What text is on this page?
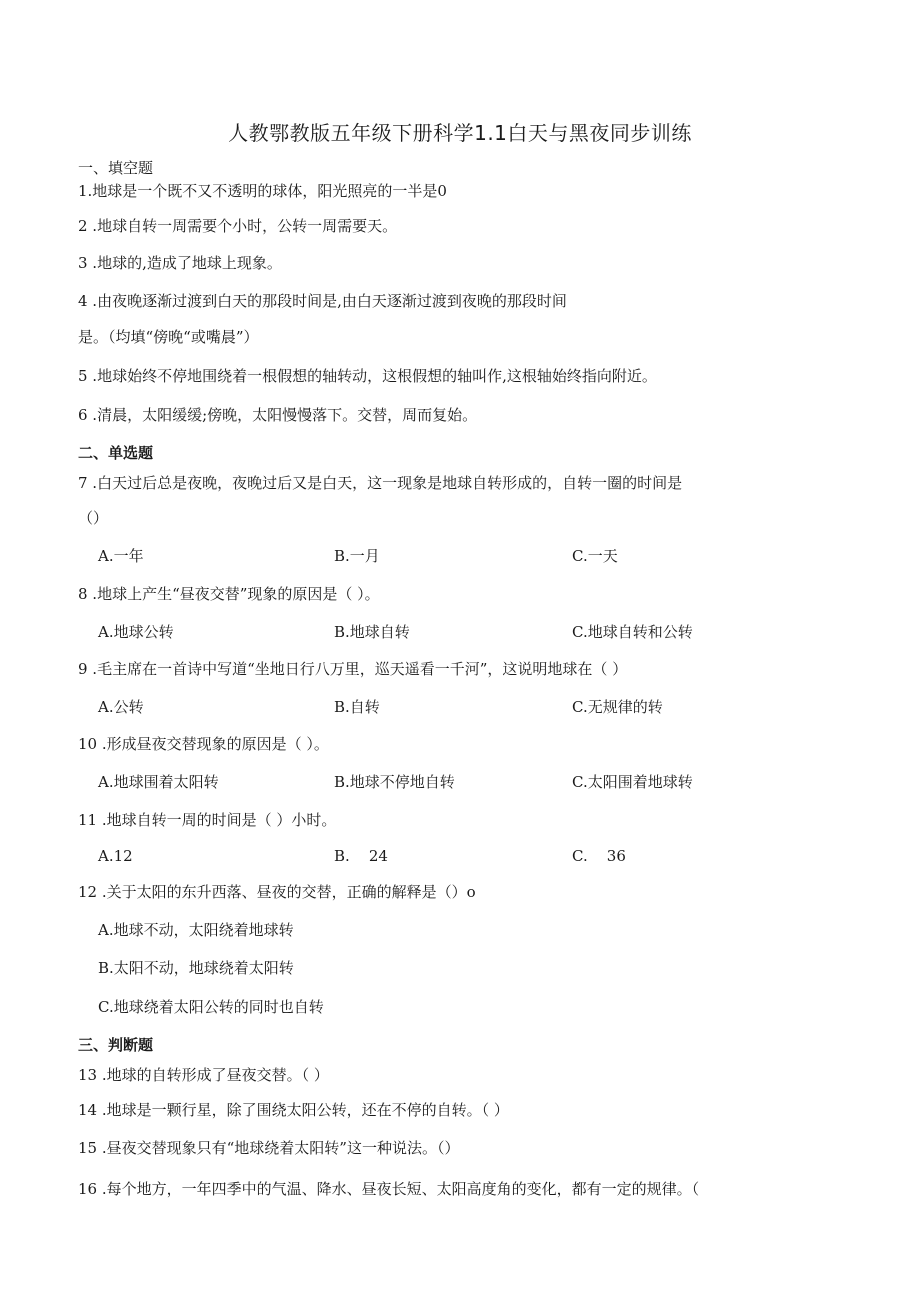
人教鄂教版五年级下册科学1.1白天与黑夜同步训练
一、填空题
1.地球是一个既不又不透明的球体，阳光照亮的一半是0
2 .地球自转一周需要个小时，公转一周需要天。
3 .地球的,造成了地球上现象。
4 .由夜晚逐渐过渡到白天的那段时间是,由白天逐渐过渡到夜晚的那段时间
是。（均填“傍晚“或嘴晨”）
5 .地球始终不停地围绕着一根假想的轴转动，这根假想的轴叫作,这根轴始终指向附近。
6 .清晨，太阳缓缓;傍晚，太阳慢慢落下。交替，周而复始。
二、单选题
7 .白天过后总是夜晚，夜晚过后又是白天，这一现象是地球自转形成的，自转一圈的时间是
（）
A.一年	B.一月	C.一天
8 .地球上产生“昼夜交替”现象的原因是（ ）。
A.地球公转	B.地球自转	C.地球自转和公转
9 .毛主席在一首诗中写道“坐地日行八万里，巡天遥看一千河”，这说明地球在（ ）
A.公转	B.自转	C.无规律的转
10 .形成昼夜交替现象的原因是（ ）。
A.地球围着太阳转	B.地球不停地自转	C.太阳围着地球转
11 .地球自转一周的时间是（ ）小时。
A.12	B.    24	C.    36
12 .关于太阳的东升西落、昼夜的交替，正确的解释是（）o
A.地球不动，太阳绕着地球转
B.太阳不动，地球绕着太阳转
C.地球绕着太阳公转的同时也自转
三、判断题
13 .地球的自转形成了昼夜交替。（ ）
14 .地球是一颗行星，除了围绕太阳公转，还在不停的自转。（ ）
15 .昼夜交替现象只有“地球绕着太阳转”这一种说法。（）
16 .每个地方，一年四季中的气温、降水、昼夜长短、太阳高度角的变化，都有一定的规律。（
